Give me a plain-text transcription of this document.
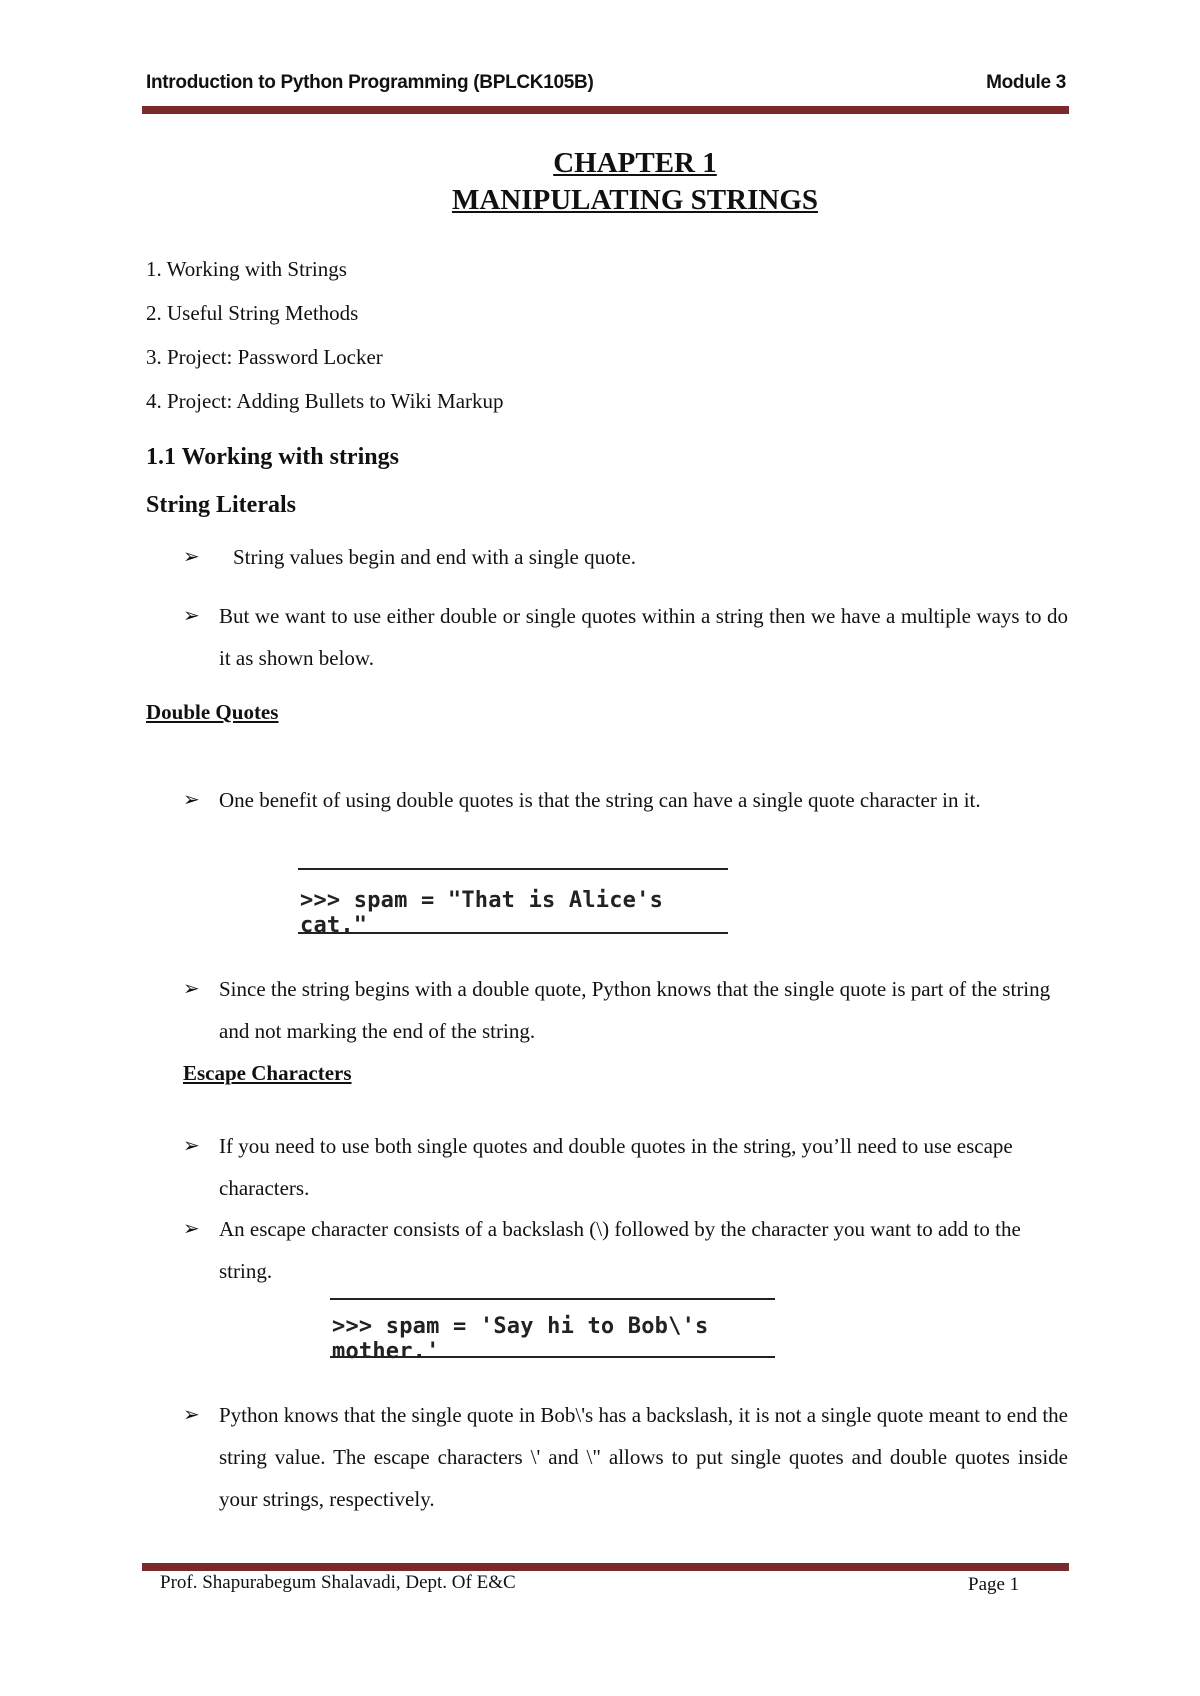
Introduction to Python Programming (BPLCK105B)	Module 3
CHAPTER 1
MANIPULATING STRINGS
1. Working with Strings
2. Useful String Methods
3. Project: Password Locker
4. Project: Adding Bullets to Wiki Markup
1.1 Working with strings
String Literals
➢	String values begin and end with a single quote.
➢ But we want to use either double or single quotes within a string then we have a multiple ways to do it as shown below.
Double Quotes
➢ One benefit of using double quotes is that the string can have a single quote character in it.
>>> spam = "That is Alice's cat."
➢ Since the string begins with a double quote, Python knows that the single quote is part of the string and not marking the end of the string.
Escape Characters
➢ If you need to use both single quotes and double quotes in the string, you’ll need to use escape characters.
➢ An escape character consists of a backslash (\) followed by the character you want to add to the string.
>>> spam = 'Say hi to Bob\'s mother.'
➢ Python knows that the single quote in Bob\'s has a backslash, it is not a single quote meant to end the string value. The escape characters \' and \" allows to put single quotes and double quotes inside your strings, respectively.
Prof. Shapurabegum Shalavadi, Dept. Of E&C	Page 1
